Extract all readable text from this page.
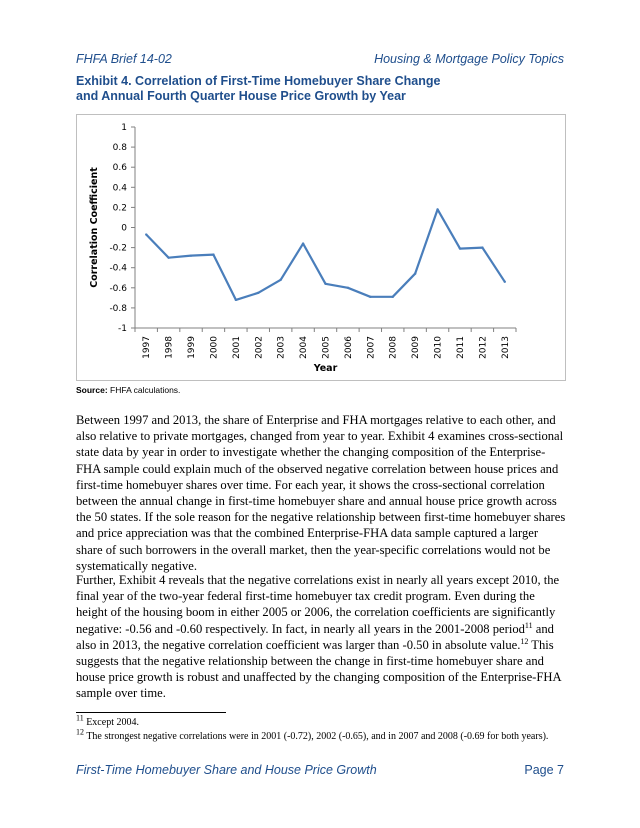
FHFA Brief 14-02	Housing & Mortgage Policy Topics
Exhibit 4. Correlation of First-Time Homebuyer Share Change
and Annual Fourth Quarter House Price Growth by Year
1
0.8
0.6
0.4
0.2
0
-0.2
-0.4
-0.6
-0.8
-1
1997 1998 1999 2000 2001 2002 2003 2004 2005 2006 2007 2008 2009 2010 2011 2012 2013
Year
Correlation Coefficient
Source: FHFA calculations.

Between 1997 and 2013, the share of Enterprise and FHA mortgages relative to each other, and also relative to private mortgages, changed from year to year. Exhibit 4 examines cross-sectional state data by year in order to investigate whether the changing composition of the Enterprise-FHA sample could explain much of the observed negative correlation between house prices and first-time homebuyer shares over time. For each year, it shows the cross-sectional correlation between the annual change in first-time homebuyer share and annual house price growth across the 50 states. If the sole reason for the negative relationship between first-time homebuyer shares and price appreciation was that the combined Enterprise-FHA data sample captured a larger share of such borrowers in the overall market, then the year-specific correlations would not be systematically negative.

Further, Exhibit 4 reveals that the negative correlations exist in nearly all years except 2010, the final year of the two-year federal first-time homebuyer tax credit program. Even during the height of the housing boom in either 2005 or 2006, the correlation coefficients are significantly negative: -0.56 and -0.60 respectively. In fact, in nearly all years in the 2001-2008 period$^{11}$ and also in 2013, the negative correlation coefficient was larger than -0.50 in absolute value.$^{12}$ This suggests that the negative relationship between the change in first-time homebuyer share and house price growth is robust and unaffected by the changing composition of the Enterprise-FHA sample over time.

$^{11}$ Except 2004.

$^{12}$ The strongest negative correlations were in 2001 (-0.72), 2002 (-0.65), and in 2007 and 2008 (-0.69 for both years).

First-Time Homebuyer Share and House Price Growth	Page 7
